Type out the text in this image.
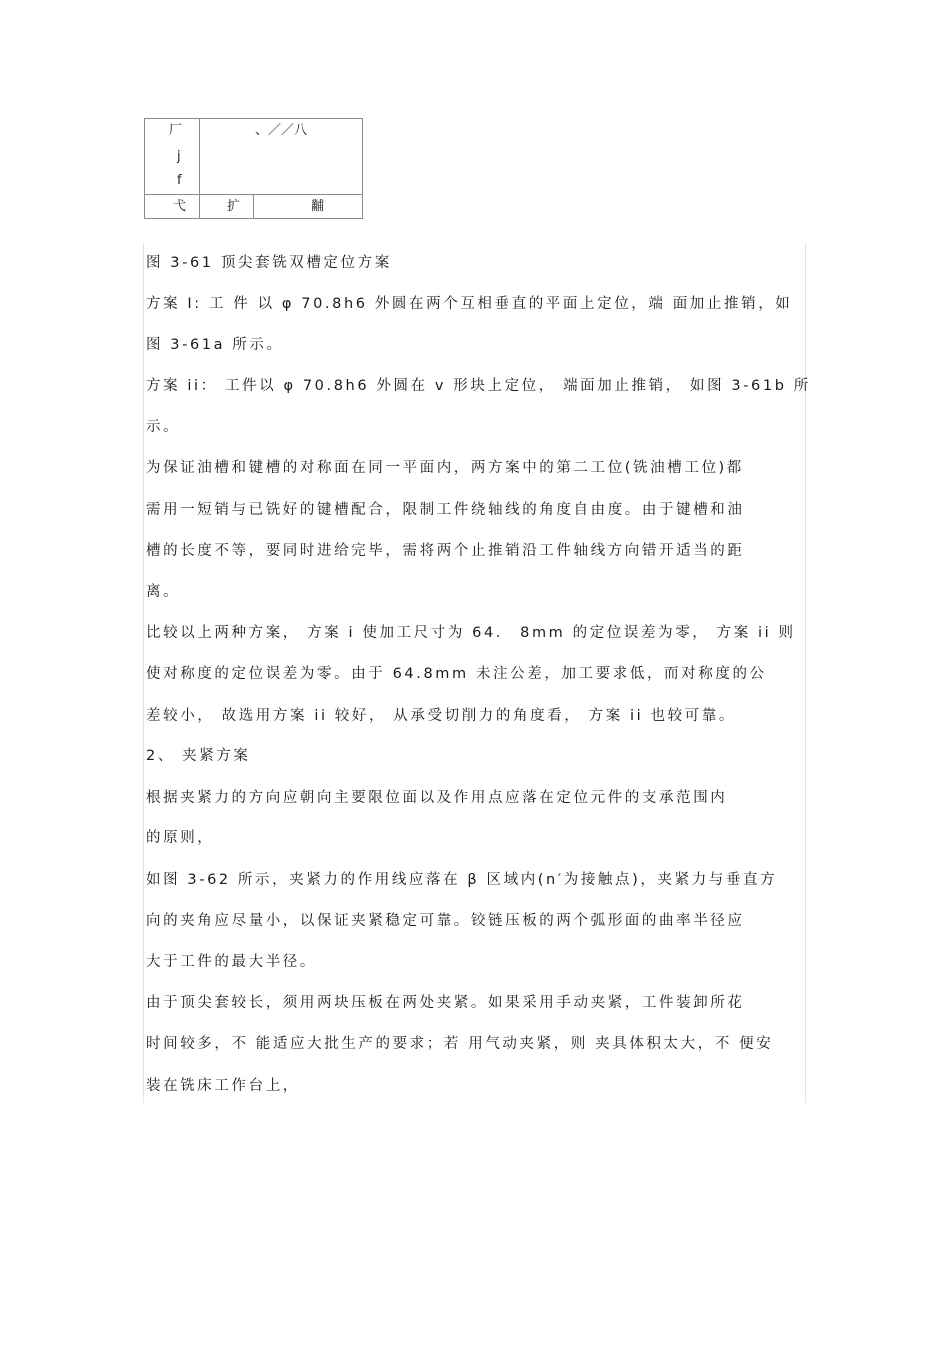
厂
j
f
、／／八
弋	扩	黼
图 3-61 顶尖套铣双槽定位方案
方案 I: 工 件 以 φ 70.8h6 外圆在两个互相垂直的平面上定位，端 面加止推销，如
图 3-61a 所示。
方案 ii： 工件以 φ 70.8h6 外圆在 v 形块上定位， 端面加止推销， 如图 3-61b 所
示。
为保证油槽和键槽的对称面在同一平面内，两方案中的第二工位(铣油槽工位)都
需用一短销与已铣好的键槽配合，限制工件绕轴线的角度自由度。由于键槽和油
槽的长度不等，要同时进给完毕，需将两个止推销沿工件轴线方向错开适当的距
离。
比较以上两种方案， 方案 i 使加工尺寸为 64． 8mm 的定位误差为零， 方案 ii 则
使对称度的定位误差为零。由于 64.8mm 未注公差，加工要求低，而对称度的公
差较小， 故选用方案 ii 较好， 从承受切削力的角度看， 方案 ii 也较可靠。
2、 夹紧方案
根据夹紧力的方向应朝向主要限位面以及作用点应落在定位元件的支承范围内
的原则，
如图 3-62 所示，夹紧力的作用线应落在 β 区域内(n′为接触点)，夹紧力与垂直方
向的夹角应尽量小，以保证夹紧稳定可靠。铰链压板的两个弧形面的曲率半径应
大于工件的最大半径。
由于顶尖套较长，须用两块压板在两处夹紧。如果采用手动夹紧，工件装卸所花
时间较多，不 能适应大批生产的要求；若 用气动夹紧，则 夹具体积太大，不 便安
装在铣床工作台上，
